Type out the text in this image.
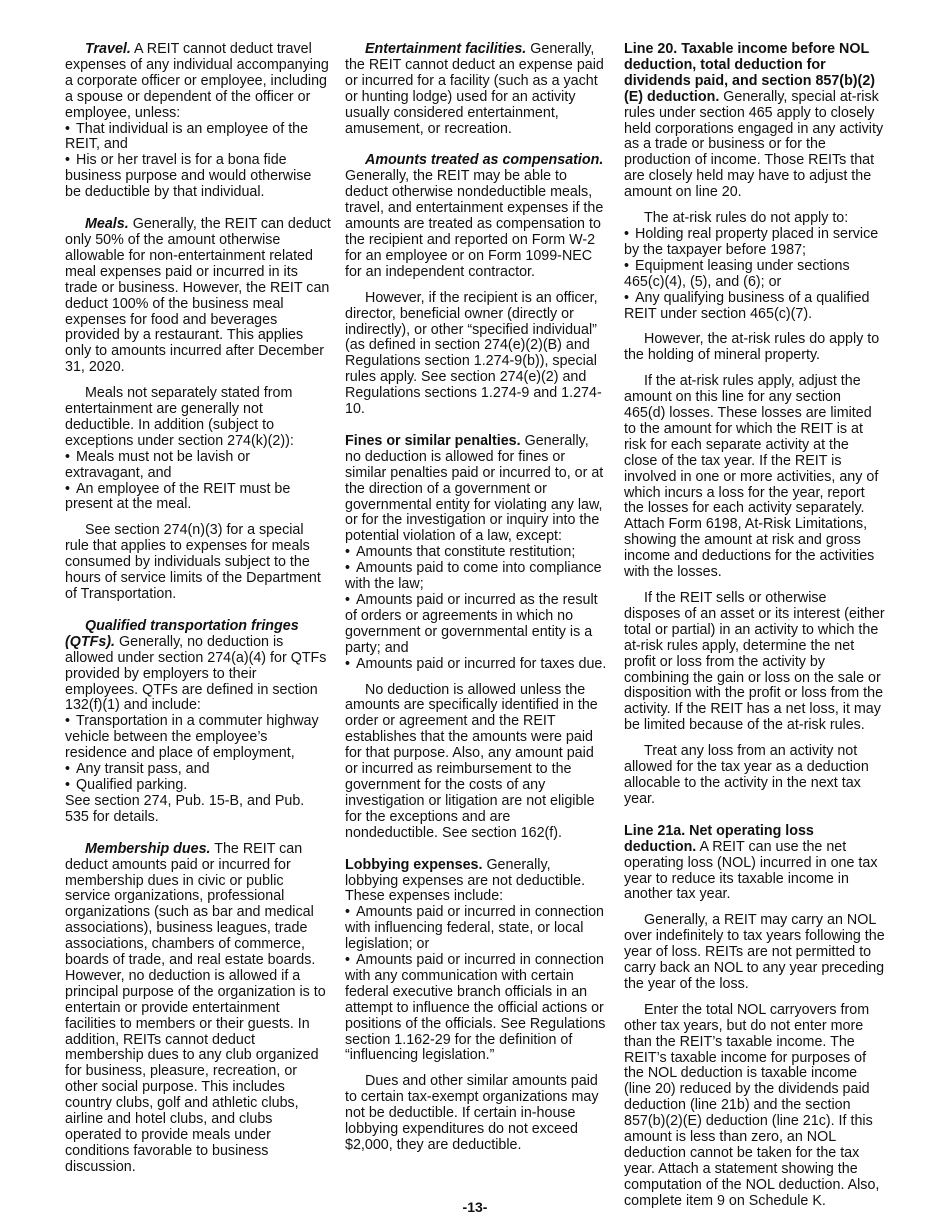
Travel. A REIT cannot deduct travel expenses of any individual accompanying a corporate officer or employee, including a spouse or dependent of the officer or employee, unless:

• That individual is an employee of the REIT, and

• His or her travel is for a bona fide business purpose and would otherwise be deductible by that individual.

Meals. Generally, the REIT can deduct only 50% of the amount otherwise allowable for non-entertainment related meal expenses paid or incurred in its trade or business. However, the REIT can deduct 100% of the business meal expenses for food and beverages provided by a restaurant. This applies only to amounts incurred after December 31, 2020.

Meals not separately stated from entertainment are generally not deductible. In addition (subject to exceptions under section 274(k)(2)):

• Meals must not be lavish or extravagant, and

• An employee of the REIT must be present at the meal.

See section 274(n)(3) for a special rule that applies to expenses for meals consumed by individuals subject to the hours of service limits of the Department of Transportation.

Qualified transportation fringes (QTFs). Generally, no deduction is allowed under section 274(a)(4) for QTFs provided by employers to their employees. QTFs are defined in section 132(f)(1) and include:

• Transportation in a commuter highway vehicle between the employee’s residence and place of employment,

• Any transit pass, and

• Qualified parking.

See section 274, Pub. 15-B, and Pub. 535 for details.

Membership dues. The REIT can deduct amounts paid or incurred for membership dues in civic or public service organizations, professional organizations (such as bar and medical associations), business leagues, trade associations, chambers of commerce, boards of trade, and real estate boards. However, no deduction is allowed if a principal purpose of the organization is to entertain or provide entertainment facilities to members or their guests. In addition, REITs cannot deduct membership dues to any club organized for business, pleasure, recreation, or other social purpose. This includes country clubs, golf and athletic clubs, airline and hotel clubs, and clubs operated to provide meals under conditions favorable to business discussion.

Entertainment facilities. Generally, the REIT cannot deduct an expense paid or incurred for a facility (such as a yacht or hunting lodge) used for an activity usually considered entertainment, amusement, or recreation.

Amounts treated as compensation. Generally, the REIT may be able to deduct otherwise nondeductible meals, travel, and entertainment expenses if the amounts are treated as compensation to the recipient and reported on Form W-2 for an employee or on Form 1099-NEC for an independent contractor.

However, if the recipient is an officer, director, beneficial owner (directly or indirectly), or other “specified individual” (as defined in section 274(e)(2)(B) and Regulations section 1.274-9(b)), special rules apply. See section 274(e)(2) and Regulations sections 1.274-9 and 1.274-10.

Fines or similar penalties. Generally, no deduction is allowed for fines or similar penalties paid or incurred to, or at the direction of a government or governmental entity for violating any law, or for the investigation or inquiry into the potential violation of a law, except:

• Amounts that constitute restitution;

• Amounts paid to come into compliance with the law;

• Amounts paid or incurred as the result of orders or agreements in which no government or governmental entity is a party; and

• Amounts paid or incurred for taxes due.

No deduction is allowed unless the amounts are specifically identified in the order or agreement and the REIT establishes that the amounts were paid for that purpose. Also, any amount paid or incurred as reimbursement to the government for the costs of any investigation or litigation are not eligible for the exceptions and are nondeductible. See section 162(f).

Lobbying expenses. Generally, lobbying expenses are not deductible. These expenses include:

• Amounts paid or incurred in connection with influencing federal, state, or local legislation; or

• Amounts paid or incurred in connection with any communication with certain federal executive branch officials in an attempt to influence the official actions or positions of the officials. See Regulations section 1.162-29 for the definition of “influencing legislation.”

Dues and other similar amounts paid to certain tax-exempt organizations may not be deductible. If certain in-house lobbying expenditures do not exceed $2,000, they are deductible.

Line 20. Taxable income before NOL deduction, total deduction for dividends paid, and section 857(b)(2)(E) deduction. Generally, special at-risk rules under section 465 apply to closely held corporations engaged in any activity as a trade or business or for the production of income. Those REITs that are closely held may have to adjust the amount on line 20.

The at-risk rules do not apply to:

• Holding real property placed in service by the taxpayer before 1987;

• Equipment leasing under sections 465(c)(4), (5), and (6); or

• Any qualifying business of a qualified REIT under section 465(c)(7).

However, the at-risk rules do apply to the holding of mineral property.

If the at-risk rules apply, adjust the amount on this line for any section 465(d) losses. These losses are limited to the amount for which the REIT is at risk for each separate activity at the close of the tax year. If the REIT is involved in one or more activities, any of which incurs a loss for the year, report the losses for each activity separately. Attach Form 6198, At-Risk Limitations, showing the amount at risk and gross income and deductions for the activities with the losses.

If the REIT sells or otherwise disposes of an asset or its interest (either total or partial) in an activity to which the at-risk rules apply, determine the net profit or loss from the activity by combining the gain or loss on the sale or disposition with the profit or loss from the activity. If the REIT has a net loss, it may be limited because of the at-risk rules.

Treat any loss from an activity not allowed for the tax year as a deduction allocable to the activity in the next tax year.

Line 21a. Net operating loss deduction. A REIT can use the net operating loss (NOL) incurred in one tax year to reduce its taxable income in another tax year.

Generally, a REIT may carry an NOL over indefinitely to tax years following the year of loss. REITs are not permitted to carry back an NOL to any year preceding the year of the loss.

Enter the total NOL carryovers from other tax years, but do not enter more than the REIT’s taxable income. The REIT’s taxable income for purposes of the NOL deduction is taxable income (line 20) reduced by the dividends paid deduction (line 21b) and the section 857(b)(2)(E) deduction (line 21c). If this amount is less than zero, an NOL deduction cannot be taken for the tax year. Attach a statement showing the computation of the NOL deduction. Also, complete item 9 on Schedule K.

-13-
